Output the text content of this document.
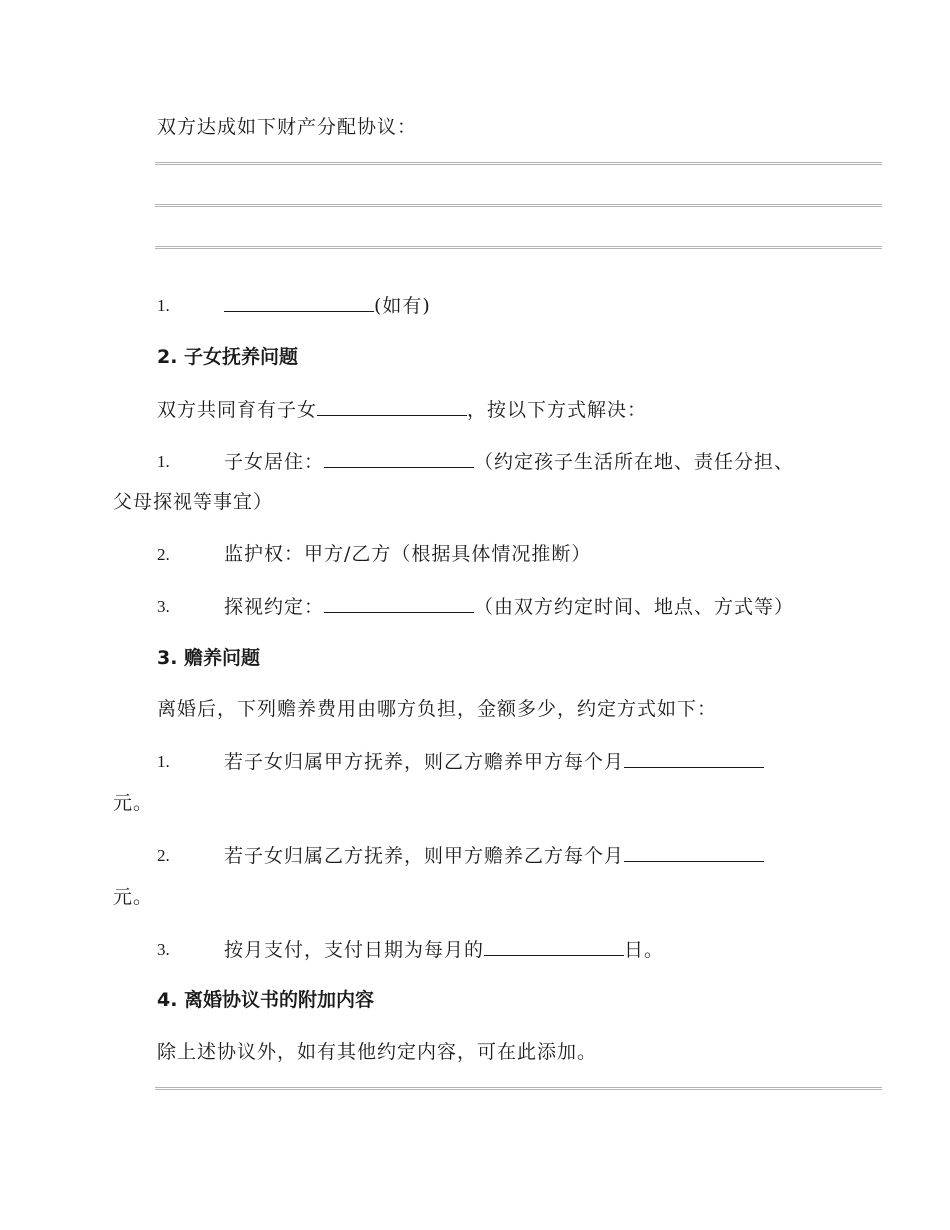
双方达成如下财产分配协议：
1.	(如有)
2. 子女抚养问题
双方共同育有子女	，按以下方式解决：
1.	子女居住：	（约定孩子生活所在地、责任分担、
父母探视等事宜）
2.	监护权：甲方/乙方（根据具体情况推断）
3.	探视约定：	（由双方约定时间、地点、方式等）
3. 赡养问题
离婚后，下列赡养费用由哪方负担，金额多少，约定方式如下：
1.	若子女归属甲方抚养，则乙方赡养甲方每个月
元。
2.	若子女归属乙方抚养，则甲方赡养乙方每个月
元。
3.	按月支付，支付日期为每月的	日。
4. 离婚协议书的附加内容
除上述协议外，如有其他约定内容，可在此添加。
